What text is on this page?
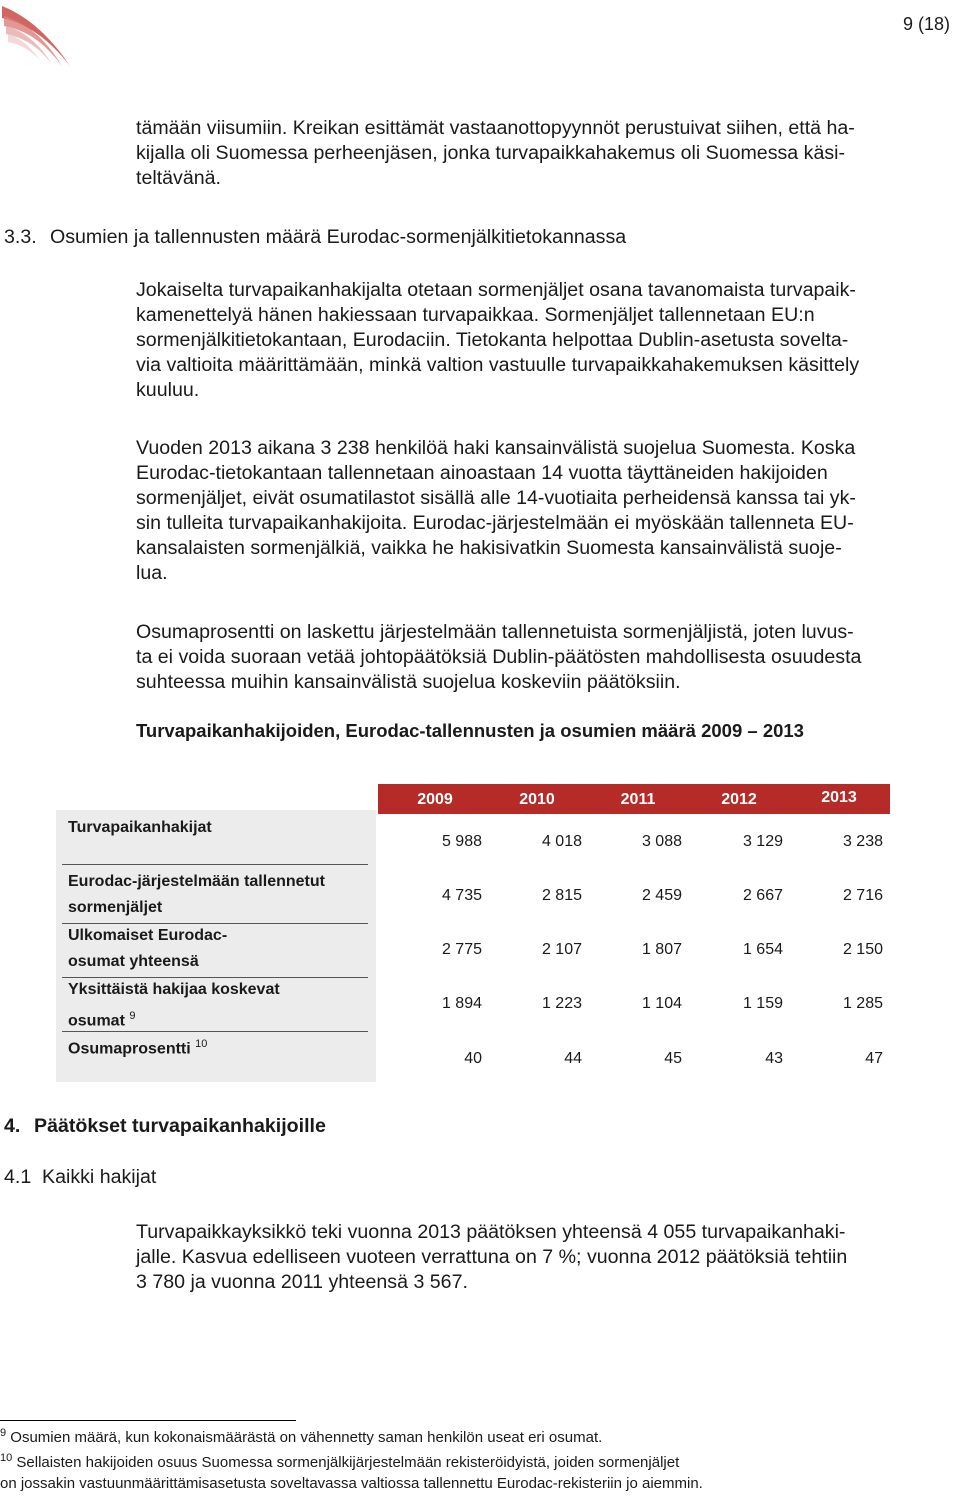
9 (18)

tämään viisumiin. Kreikan esittämät vastaanottopyynnöt perustuivat siihen, että ha-
kijalla oli Suomessa perheenjäsen, jonka turvapaikkahakemus oli Suomessa käsi-
teltävänä.

3.3. Osumien ja tallennusten määrä Eurodac-sormenjälkitietokannassa

Jokaiselta turvapaikanhakijalta otetaan sormenjäljet osana tavanomaista turvapaik-
kamenettelyä hänen hakiessaan turvapaikkaa. Sormenjäljet tallennetaan EU:n
sormenjälkitietokantaan, Eurodaciin. Tietokanta helpottaa Dublin-asetusta sovelta-
via valtioita määrittämään, minkä valtion vastuulle turvapaikkahakemuksen käsittely
kuuluu.

Vuoden 2013 aikana 3 238 henkilöä haki kansainvälistä suojelua Suomesta. Koska
Eurodac-tietokantaan tallennetaan ainoastaan 14 vuotta täyttäneiden hakijoiden
sormenjäljet, eivät osumatilastot sisällä alle 14-vuotiaita perheidensä kanssa tai yk-
sin tulleita turvapaikanhakijoita. Eurodac-järjestelmään ei myöskään tallenneta EU-
kansalaisten sormenjälkiä, vaikka he hakisivatkin Suomesta kansainvälistä suoje-
lua.

Osumaprosentti on laskettu järjestelmään tallennetuista sormenjäljistä, joten luvus-
ta ei voida suoraan vetää johtopäätöksiä Dublin-päätösten mahdollisesta osuudesta
suhteessa muihin kansainvälistä suojelua koskeviin päätöksiin.

Turvapaikanhakijoiden, Eurodac-tallennusten ja osumien määrä 2009 – 2013
2009	2010	2011	2012	2013
Turvapaikanhakijat
5 988	4 018	3 088	3 129	3 238
Eurodac-järjestelmään tallennetut
sormenjäljet
4 735	2 815	2 459	2 667	2 716
Ulkomaiset Eurodac-
osumat yhteensä
2 775	2 107	1 807	1 654	2 150
Yksittäistä hakijaa koskevat
osumat $^9$
1 894	1 223	1 104	1 159	1 285
Osumaprosentti $^{10}$
40	44	45	43	47
4. Päätökset turvapaikanhakijoille
4.1 Kaikki hakijat

Turvapaikkayksikkö teki vuonna 2013 päätöksen yhteensä 4 055 turvapaikanhaki-
jalle. Kasvua edelliseen vuoteen verrattuna on 7 %; vuonna 2012 päätöksiä tehtiin
3 780 ja vuonna 2011 yhteensä 3 567.

$^9$ Osumien määrä, kun kokonaismäärästä on vähennetty saman henkilön useat eri osumat.
$^{10}$ Sellaisten hakijoiden osuus Suomessa sormenjälkijärjestelmään rekisteröidyistä, joiden sormenjäljet
on jossakin vastuunmäärittämisasetusta soveltavassa valtiossa tallennettu Eurodac-rekisteriin jo aiemmin.
